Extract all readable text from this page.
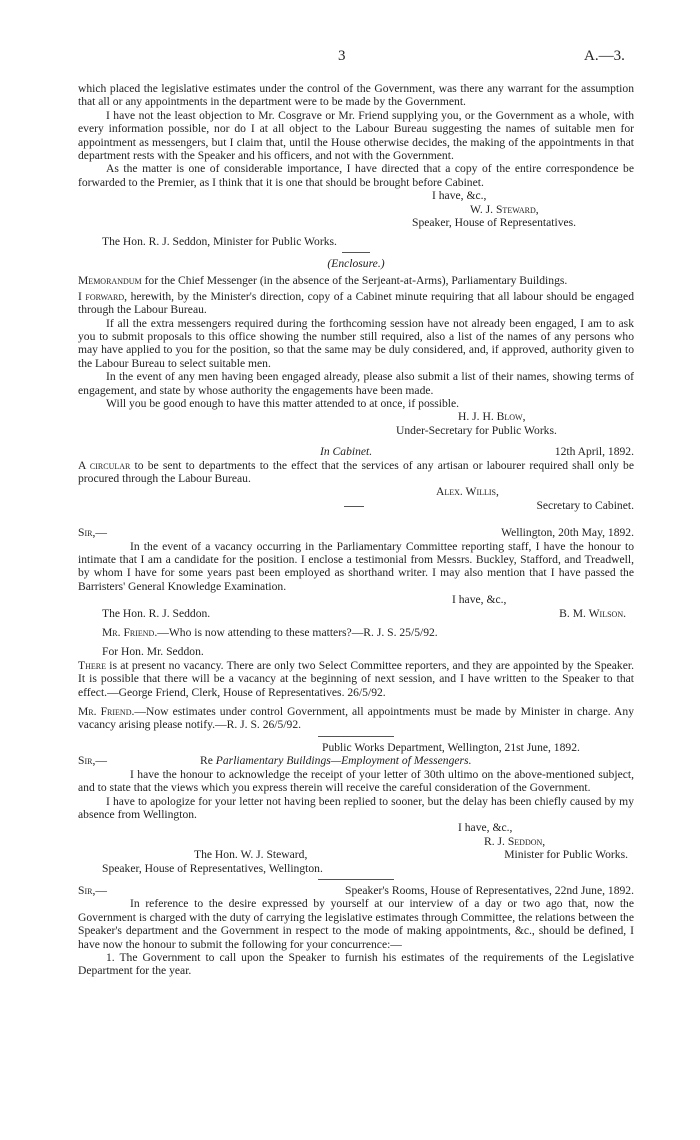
3	A.—3.

which placed the legislative estimates under the control of the Government, was there any warrant for the assumption that all or any appointments in the department were to be made by the Government.

I have not the least objection to Mr. Cosgrave or Mr. Friend supplying you, or the Government as a whole, with every information possible, nor do I at all object to the Labour Bureau suggesting the names of suitable men for appointment as messengers, but I claim that, until the House otherwise decides, the making of the appointments in that department rests with the Speaker and his officers, and not with the Government.

As the matter is one of considerable importance, I have directed that a copy of the entire correspondence be forwarded to the Premier, as I think that it is one that should be brought before Cabinet.

I have, &c.,

W. J. Steward,

Speaker, House of Representatives.

The Hon. R. J. Seddon, Minister for Public Works.

(Enclosure.)

Memorandum for the Chief Messenger (in the absence of the Serjeant-at-Arms), Parliamentary Buildings.

I forward, herewith, by the Minister's direction, copy of a Cabinet minute requiring that all labour should be engaged through the Labour Bureau.

If all the extra messengers required during the forthcoming session have not already been engaged, I am to ask you to submit proposals to this office showing the number still required, also a list of the names of any persons who may have applied to you for the position, so that the same may be duly considered, and, if approved, authority given to the Labour Bureau to select suitable men.

In the event of any men having been engaged already, please also submit a list of their names, showing terms of engagement, and state by whose authority the engagements have been made.

Will you be good enough to have this matter attended to at once, if possible.

H. J. H. Blow,

Under-Secretary for Public Works.

In Cabinet.	12th April, 1892.

A circular to be sent to departments to the effect that the services of any artisan or labourer required shall only be procured through the Labour Bureau.

Alex. Willis,

Secretary to Cabinet.
Sir,—	Wellington, 20th May, 1892.

In the event of a vacancy occurring in the Parliamentary Committee reporting staff, I have the honour to intimate that I am a candidate for the position. I enclose a testimonial from Messrs. Buckley, Stafford, and Treadwell, by whom I have for some years past been employed as shorthand writer. I may also mention that I have passed the Barristers' General Knowledge Examination.

I have, &c.,

The Hon. R. J. Seddon.	B. M. Wilson.

Mr. Friend.—Who is now attending to these matters?—R. J. S. 25/5/92.

For Hon. Mr. Seddon.

There is at present no vacancy. There are only two Select Committee reporters, and they are appointed by the Speaker. It is possible that there will be a vacancy at the beginning of next session, and I have written to the Speaker to that effect.—George Friend, Clerk, House of Representatives. 26/5/92.

Mr. Friend.—Now estimates under control Government, all appointments must be made by Minister in charge. Any vacancy arising please notify.—R. J. S. 26/5/92.

Public Works Department, Wellington, 21st June, 1892.

Sir,—	Re Parliamentary Buildings—Employment of Messengers.

I have the honour to acknowledge the receipt of your letter of 30th ultimo on the above-mentioned subject, and to state that the views which you express therein will receive the careful consideration of the Government.

I have to apologize for your letter not having been replied to sooner, but the delay has been chiefly caused by my absence from Wellington.

I have, &c.,

R. J. Seddon,

The Hon. W. J. Steward,	Minister for Public Works.

Speaker, House of Representatives, Wellington.

Sir,—	Speaker's Rooms, House of Representatives, 22nd June, 1892.

In reference to the desire expressed by yourself at our interview of a day or two ago that, now the Government is charged with the duty of carrying the legislative estimates through Committee, the relations between the Speaker's department and the Government in respect to the mode of making appointments, &c., should be defined, I have now the honour to submit the following for your concurrence:—

1. The Government to call upon the Speaker to furnish his estimates of the requirements of the Legislative Department for the year.
